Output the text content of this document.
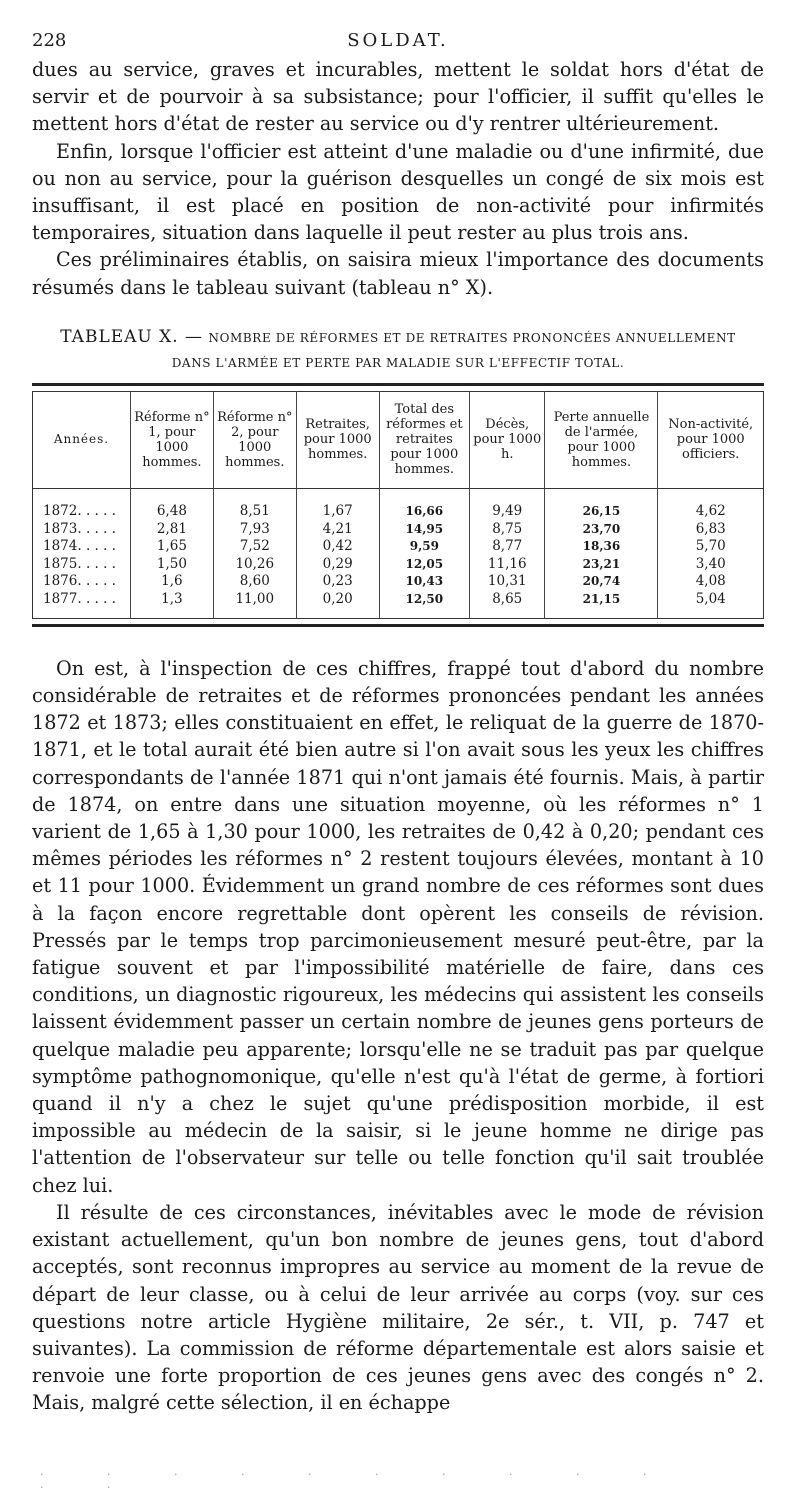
228	SOLDAT.

dues au service, graves et incurables, mettent le soldat hors d'état de servir et de pourvoir à sa subsistance; pour l'officier, il suffit qu'elles le mettent hors d'état de rester au service ou d'y rentrer ultérieurement.

Enfin, lorsque l'officier est atteint d'une maladie ou d'une infirmité, due ou non au service, pour la guérison desquelles un congé de six mois est insuffisant, il est placé en position de non-activité pour infirmités temporaires, situation dans laquelle il peut rester au plus trois ans.

Ces préliminaires établis, on saisira mieux l'importance des documents résumés dans le tableau suivant (tableau n° X).

TABLEAU X. — NOMBRE DE RÉFORMES ET DE RETRAITES PRONONCÉES ANNUELLEMENT
DANS L'ARMÉE ET PERTE PAR MALADIE SUR L'EFFECTIF TOTAL.
Années.	Réforme n° 1, pour 1000 hommes.	Réforme n° 2, pour 1000 hommes.	Retraites, pour 1000 hommes.	Total des réformes et retraites pour 1000 hommes.	Décès, pour 1000 h.	Perte annuelle de l'armée, pour 1000 hommes.	Non-activité, pour 1000 officiers.
1872. . . . .	6,48	8,51	1,67	16,66	9,49	26,15	4,62
1873. . . . .	2,81	7,93	4,21	14,95	8,75	23,70	6,83
1874. . . . .	1,65	7,52	0,42	9,59	8,77	18,36	5,70
1875. . . . .	1,50	10,26	0,29	12,05	11,16	23,21	3,40
1876. . . . .	1,6	8,60	0,23	10,43	10,31	20,74	4,08
1877. . . . .	1,3	11,00	0,20	12,50	8,65	21,15	5,04

On est, à l'inspection de ces chiffres, frappé tout d'abord du nombre considérable de retraites et de réformes prononcées pendant les années 1872 et 1873; elles constituaient en effet, le reliquat de la guerre de 1870-1871, et le total aurait été bien autre si l'on avait sous les yeux les chiffres correspondants de l'année 1871 qui n'ont jamais été fournis. Mais, à partir de 1874, on entre dans une situation moyenne, où les réformes n° 1 varient de 1,65 à 1,30 pour 1000, les retraites de 0,42 à 0,20; pendant ces mêmes périodes les réformes n° 2 restent toujours élevées, montant à 10 et 11 pour 1000. Évidemment un grand nombre de ces réformes sont dues à la façon encore regrettable dont opèrent les conseils de révision. Pressés par le temps trop parcimonieusement mesuré peut-être, par la fatigue souvent et par l'impossibilité matérielle de faire, dans ces conditions, un diagnostic rigoureux, les médecins qui assistent les conseils laissent évidemment passer un certain nombre de jeunes gens porteurs de quelque maladie peu apparente; lorsqu'elle ne se traduit pas par quelque symptôme pathognomonique, qu'elle n'est qu'à l'état de germe, à fortiori quand il n'y a chez le sujet qu'une prédisposition morbide, il est impossible au médecin de la saisir, si le jeune homme ne dirige pas l'attention de l'observateur sur telle ou telle fonction qu'il sait troublée chez lui.

Il résulte de ces circonstances, inévitables avec le mode de révision existant actuellement, qu'un bon nombre de jeunes gens, tout d'abord acceptés, sont reconnus impropres au service au moment de la revue de départ de leur classe, ou à celui de leur arrivée au corps (voy. sur ces questions notre article Hygiène militaire, 2e sér., t. VII, p. 747 et suivantes). La commission de réforme départementale est alors saisie et renvoie une forte proportion de ces jeunes gens avec des congés n° 2. Mais, malgré cette sélection, il en échappe

. . . . . . . . . . . .
